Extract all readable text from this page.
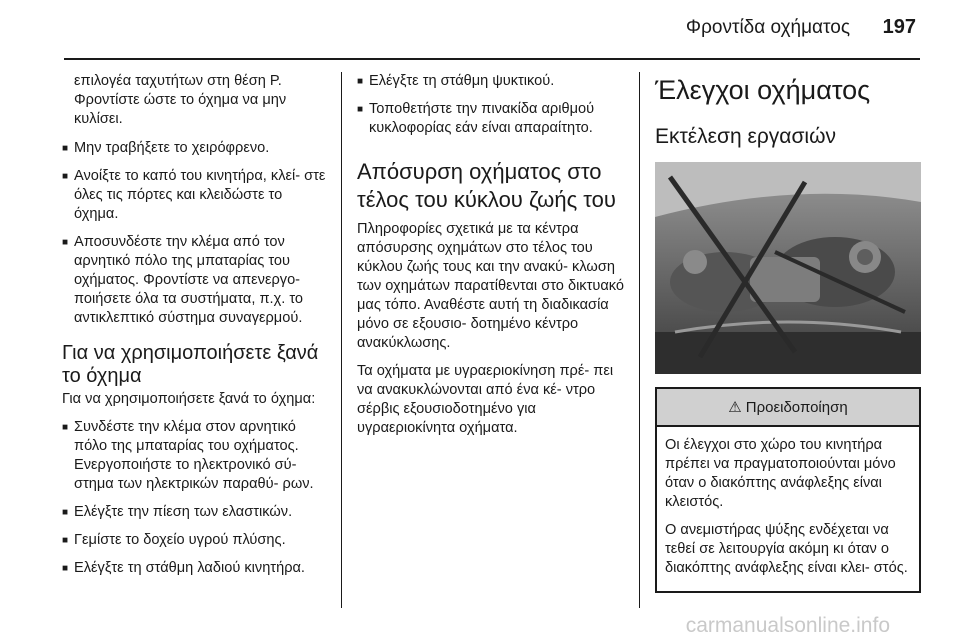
Φροντίδα οχήματος 197

επιλογέα ταχυτήτων στη θέση P. Φροντίστε ώστε το όχημα να μην κυλίσει.

■ Μην τραβήξετε το χειρόφρενο.
■ Ανοίξτε το καπό του κινητήρα, κλεί- στε όλες τις πόρτες και κλειδώστε το όχημα.
■ Αποσυνδέστε την κλέμα από τον αρνητικό πόλο της μπαταρίας του οχήματος. Φροντίστε να απενεργο- ποιήσετε όλα τα συστήματα, π.χ. το αντικλεπτικό σύστημα συναγερμού.
Για να χρησιμοποιήσετε ξανά το όχημα

Για να χρησιμοποιήσετε ξανά το όχημα:

■ Συνδέστε την κλέμα στον αρνητικό πόλο της μπαταρίας του οχήματος. Ενεργοποιήστε το ηλεκτρονικό σύ- στημα των ηλεκτρικών παραθύ- ρων.
■ Ελέγξτε την πίεση των ελαστικών.
■ Γεμίστε το δοχείο υγρού πλύσης.
■ Ελέγξτε τη στάθμη λαδιού κινητήρα.
■ Ελέγξτε τη στάθμη ψυκτικού.
■ Τοποθετήστε την πινακίδα αριθμού κυκλοφορίας εάν είναι απαραίτητο.
Απόσυρση οχήματος στο τέλος του κύκλου ζωής του

Πληροφορίες σχετικά με τα κέντρα απόσυρσης οχημάτων στο τέλος του κύκλου ζωής τους και την ανακύ- κλωση των οχημάτων παρατίθενται στο δικτυακό μας τόπο. Αναθέστε αυτή τη διαδικασία μόνο σε εξουσιο- δοτημένο κέντρο ανακύκλωσης.

Τα οχήματα με υγραεριοκίνηση πρέ- πει να ανακυκλώνονται από ένα κέ- ντρο σέρβις εξουσιοδοτημένο για υγραεριοκίνητα οχήματα.

Έλεγχοι οχήματος
Εκτέλεση εργασιών
⚠ Προειδοποίηση

Οι έλεγχοι στο χώρο του κινητήρα πρέπει να πραγματοποιούνται μόνο όταν ο διακόπτης ανάφλεξης είναι κλειστός.

Ο ανεμιστήρας ψύξης ενδέχεται να τεθεί σε λειτουργία ακόμη κι όταν ο διακόπτης ανάφλεξης είναι κλει- στός.

carmanualsonline.info
